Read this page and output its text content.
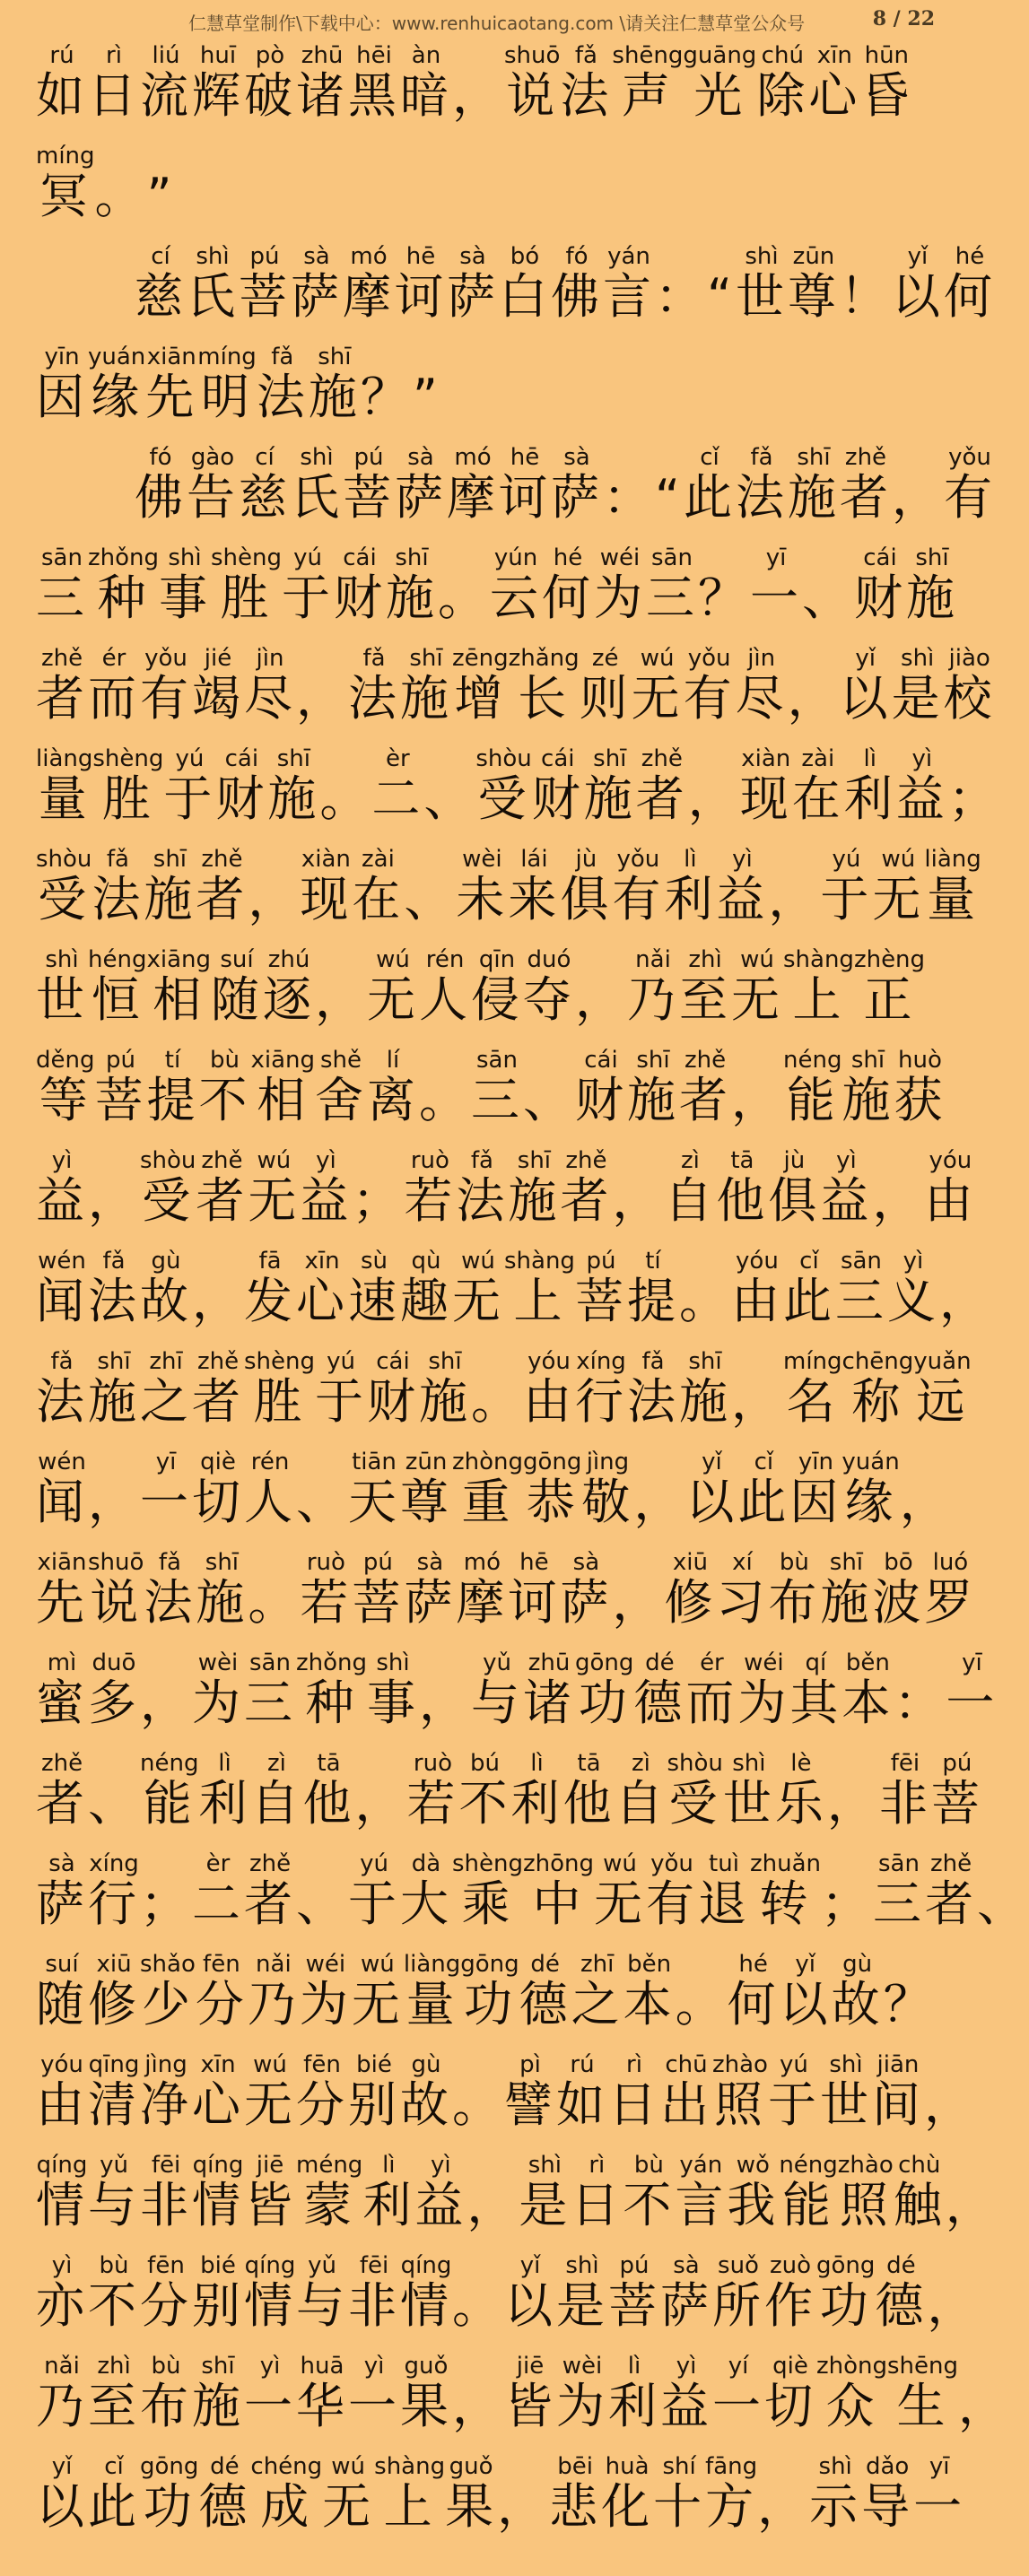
仁慧草堂制作\下载中心：www.renhuicaotang.com \请关注仁慧草堂公众号	8 / 22
如rú日rì流liú辉huī破pò诸zhū黑hēi暗àn， 说shuō法fǎ声shēng光guāng除chú心xīn昏hūn
冥míng。 ”
慈cí氏shì菩pú萨sà摩mó诃hē萨sà白bó佛fó言yán： “ 世shì尊zūn！ 以yǐ何hé
因yīn缘yuán先xiān明míng法fǎ施shī？ ”
佛fó告gào慈cí氏shì菩pú萨sà摩mó诃hē萨sà： “ 此cǐ法fǎ施shī者zhě， 有yǒu
三sān种zhǒng事shì胜shèng于yú财cái施shī。 云yún何hé为wéi三sān？ 一yī、 财cái施shī
者zhě而ér有yǒu竭jié尽jìn， 法fǎ施shī增zēng长zhǎng则zé无wú有yǒu尽jìn， 以yǐ是shì校jiào
量liàng胜shèng于yú财cái施shī。 二èr、 受shòu财cái施shī者zhě， 现xiàn在zài利lì益yì；
受shòu法fǎ施shī者zhě， 现xiàn在zài、 未wèi来lái俱jù有yǒu利lì益yì， 于yú无wú量liàng
世shì恒héng相xiāng随suí逐zhú， 无wú人rén侵qīn夺duó， 乃nǎi至zhì无wú上shàng正zhèng
等děng菩pú提tí不bù相xiāng舍shě离lí。 三sān、 财cái施shī者zhě， 能néng施shī获huò
益yì， 受shòu者zhě无wú益yì； 若ruò法fǎ施shī者zhě， 自zì他tā俱jù益yì， 由yóu
闻wén法fǎ故gù， 发fā心xīn速sù趣qù无wú上shàng菩pú提tí。 由yóu此cǐ三sān义yì，
法fǎ施shī之zhī者zhě胜shèng于yú财cái施shī。 由yóu行xíng法fǎ施shī， 名míng称chēng远yuǎn
闻wén， 一yī切qiè人rén、 天tiān尊zūn重zhòng恭gōng敬jìng， 以yǐ此cǐ因yīn缘yuán，
先xiān说shuō法fǎ施shī。 若ruò菩pú萨sà摩mó诃hē萨sà， 修xiū习xí布bù施shī波bō罗luó
蜜mì多duō， 为wèi三sān种zhǒng事shì， 与yǔ诸zhū功gōng德dé而ér为wéi其qí本běn： 一yī
者zhě、 能néng利lì自zì他tā， 若ruò不bú利lì他tā自zì受shòu世shì乐lè， 非fēi菩pú
萨sà行xíng； 二èr者zhě、 于yú大dà乘shèng中zhōng无wú有yǒu退tuì转zhuǎn； 三sān者zhě、
随suí修xiū少shǎo分fēn乃nǎi为wéi无wú量liàng功gōng德dé之zhī本běn。 何hé以yǐ故gù？
由yóu清qīng净jìng心xīn无wú分fēn别bié故gù。 譬pì如rú日rì出chū照zhào于yú世shì间jiān，
情qíng与yǔ非fēi情qíng皆jiē蒙méng利lì益yì， 是shì日rì不bù言yán我wǒ能néng照zhào触chù，
亦yì不bù分fēn别bié情qíng与yǔ非fēi情qíng。 以yǐ是shì菩pú萨sà所suǒ作zuò功gōng德dé，
乃nǎi至zhì布bù施shī一yì华huā一yì果guǒ， 皆jiē为wèi利lì益yì一yí切qiè众zhòng生shēng，
以yǐ此cǐ功gōng德dé成chéng无wú上shàng果guǒ， 悲bēi化huà十shí方fāng， 示shì导dǎo一yī
